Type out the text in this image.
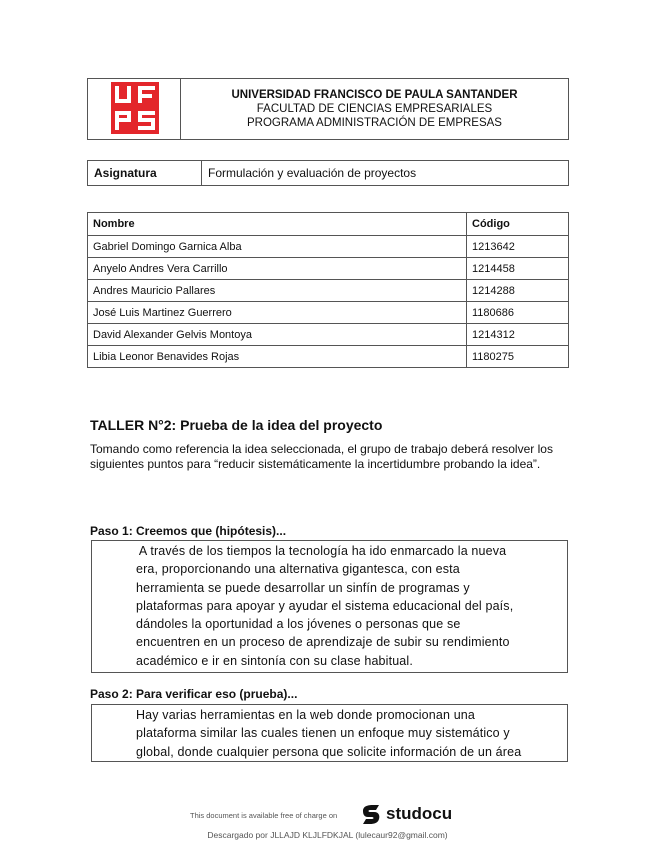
UNIVERSIDAD FRANCISCO DE PAULA SANTANDER
FACULTAD DE CIENCIAS EMPRESARIALES
PROGRAMA ADMINISTRACIÓN DE EMPRESAS
Asignatura	Formulación y evaluación de proyectos
Nombre	Código
Gabriel Domingo Garnica Alba	1213642
Anyelo Andres Vera Carrillo	1214458
Andres Mauricio Pallares	1214288
José Luis Martinez Guerrero	1180686
David Alexander Gelvis Montoya	1214312
Libia Leonor Benavides Rojas	1180275
TALLER N°2: Prueba de la idea del proyecto
Tomando como referencia la idea seleccionada, el grupo de trabajo deberá resolver los siguientes puntos para “reducir sistemáticamente la incertidumbre probando la idea”.
Paso 1: Creemos que (hipótesis)...

A través de los tiempos la tecnología ha ido enmarcado la nueva

era, proporcionando una alternativa gigantesca, con esta

herramienta se puede desarrollar un sinfín de programas y

plataformas para apoyar y ayudar el sistema educacional del país,

dándoles la oportunidad a los jóvenes o personas que se

encuentren en un proceso de aprendizaje de subir su rendimiento

académico e ir en sintonía con su clase habitual.

Paso 2: Para verificar eso (prueba)...

Hay varias herramientas en la web donde promocionan una

plataforma similar las cuales tienen un enfoque muy sistemático y

global, donde cualquier persona que solicite información de un área

This document is available free of charge on	studocu
Descargado por JLLAJD KLJLFDKJAL (lulecaur92@gmail.com)
